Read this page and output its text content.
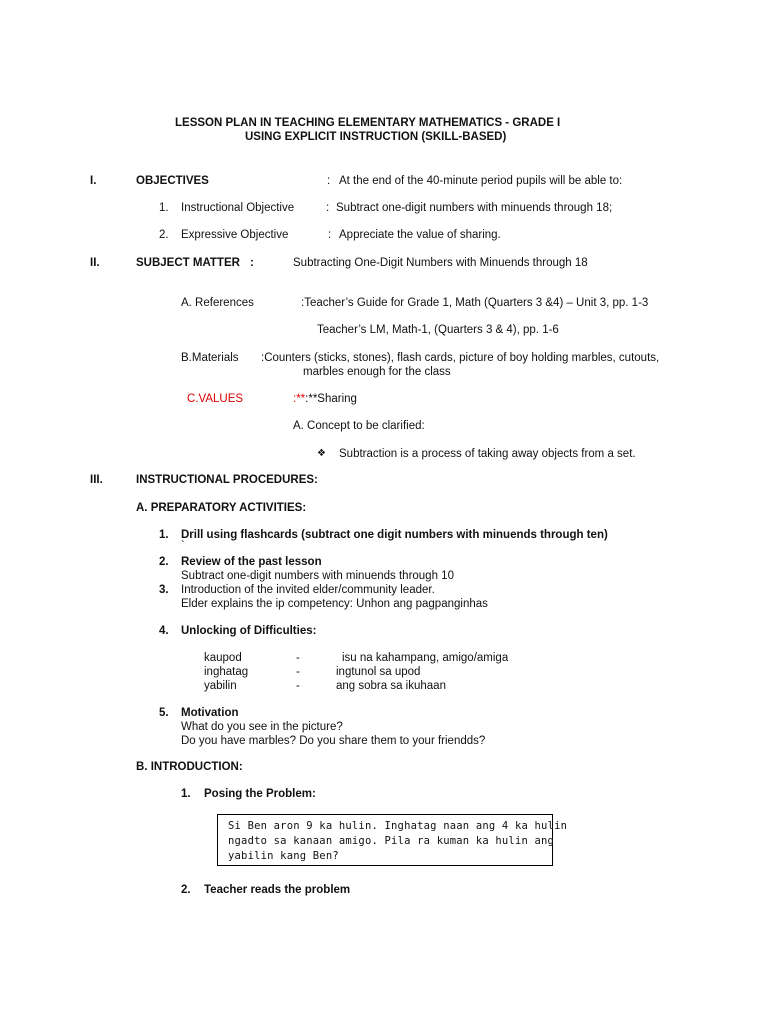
LESSON PLAN IN TEACHING ELEMENTARY MATHEMATICS - GRADE I
USING EXPLICIT INSTRUCTION (SKILL-BASED)
I.	OBJECTIVES	: At the end of the 40-minute period pupils will be able to:
1. Instructional Objective	: Subtract one-digit numbers with minuends through 18;
2. Expressive Objective	: Appreciate the value of sharing.
II.	SUBJECT MATTER :	Subtracting One-Digit Numbers with Minuends through 18
A. References	:Teacher’s Guide for Grade 1, Math (Quarters 3 &4) – Unit 3, pp. 1-3
Teacher’s LM, Math-1, (Quarters 3 & 4), pp. 1-6
B.Materials :Counters (sticks, stones), flash cards, picture of boy holding marbles, cutouts,
marbles enough for the class
C.VALUES	:**:**Sharing
A. Concept to be clarified:
❖ Subtraction is a process of taking away objects from a set.
III.	INSTRUCTIONAL PROCEDURES:
A. PREPARATORY ACTIVITIES:
1. Drill using flashcards (subtract one digit numbers with minuends through ten)
`
2. Review of the past lesson
Subtract one-digit numbers with minuends through 10
3. Introduction of the invited elder/community leader.
Elder explains the ip competency: Unhon ang pagpanginhas
4. Unlocking of Difficulties:
kaupod	-	isu na kahampang, amigo/amiga
inghatag	-	ingtunol sa upod
yabilin	-	ang sobra sa ikuhaan
5. Motivation
What do you see in the picture?
Do you have marbles? Do you share them to your friendds?
B. INTRODUCTION:
1. Posing the Problem:
Si Ben aron 9 ka hulin. Inghatag naan ang 4 ka hulin
ngadto sa kanaan amigo. Pila ra kuman ka hulin ang
yabilin kang Ben?
2. Teacher reads the problem
